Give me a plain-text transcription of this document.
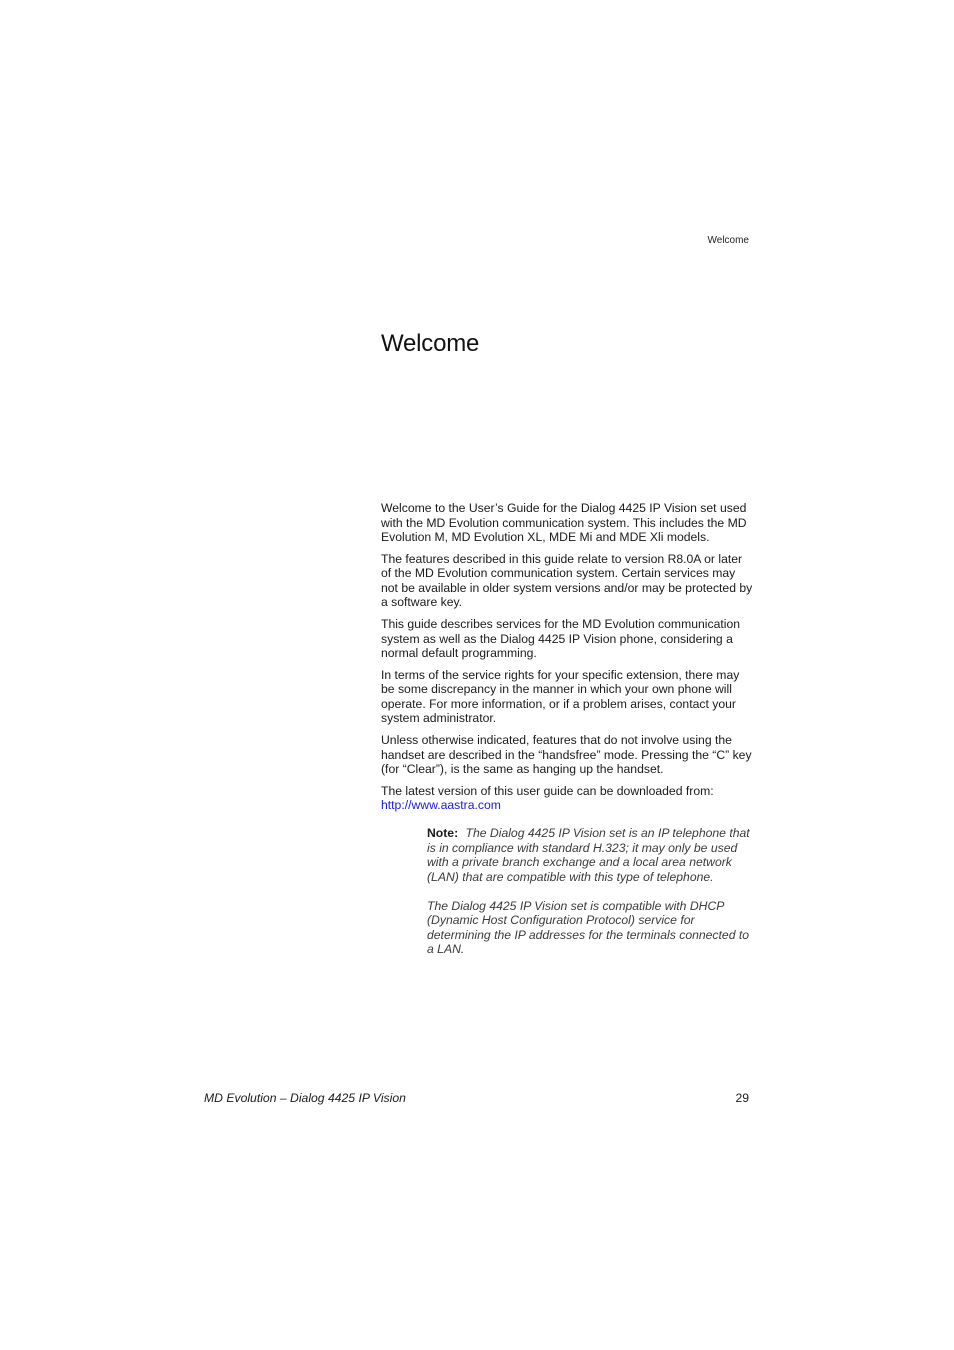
Welcome
Welcome

Welcome to the User’s Guide for the Dialog 4425 IP Vision set used with the MD Evolution communication system. This includes the MD Evolution M, MD Evolution XL, MDE Mi and MDE Xli models.

The features described in this guide relate to version R8.0A or later of the MD Evolution communication system. Certain services may not be available in older system versions and/or may be protected by a software key.

This guide describes services for the MD Evolution communication system as well as the Dialog 4425 IP Vision phone, considering a normal default programming.

In terms of the service rights for your specific extension, there may be some discrepancy in the manner in which your own phone will operate. For more information, or if a problem arises, contact your system administrator.

Unless otherwise indicated, features that do not involve using the handset are described in the “handsfree” mode. Pressing the “C” key (for “Clear”), is the same as hanging up the handset.

The latest version of this user guide can be downloaded from:
http://www.aastra.com

Note: The Dialog 4425 IP Vision set is an IP telephone that is in compliance with standard H.323; it may only be used with a private branch exchange and a local area network (LAN) that are compatible with this type of telephone.

The Dialog 4425 IP Vision set is compatible with DHCP (Dynamic Host Configuration Protocol) service for determining the IP addresses for the terminals connected to a LAN.

MD Evolution – Dialog 4425 IP Vision	29
